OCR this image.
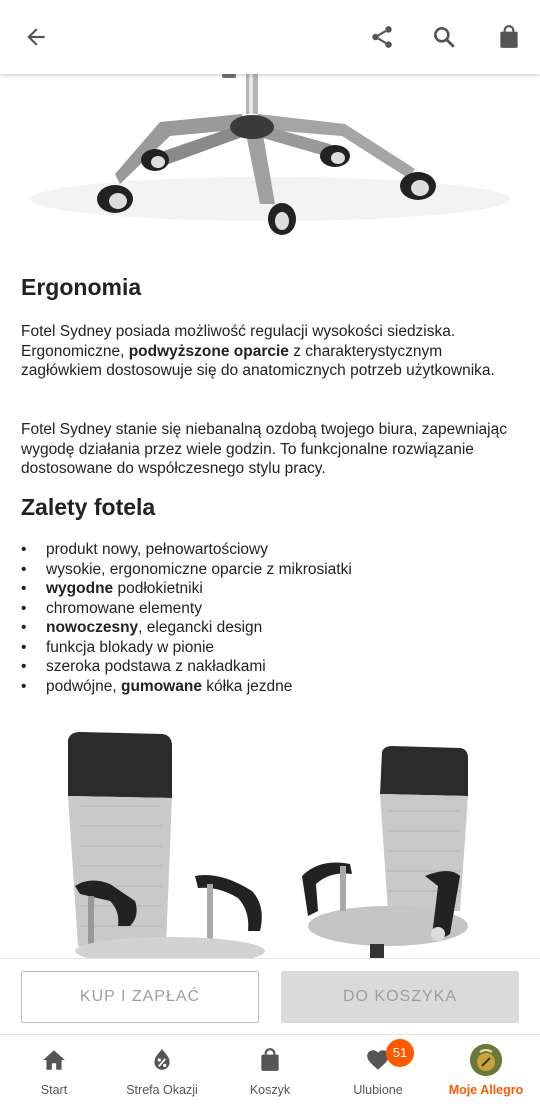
Ergonomia
Fotel Sydney posiada możliwość regulacji wysokości siedziska. Ergonomiczne, podwyższone oparcie z charakterystycznym zagłówkiem dostosowuje się do anatomicznych potrzeb użytkownika.
Fotel Sydney stanie się niebanalną ozdobą twojego biura, zapewniając wygodę działania przez wiele godzin. To funkcjonalne rozwiązanie dostosowane do współczesnego stylu pracy.
Zalety fotela
• produkt nowy, pełnowartościowy
• wysokie, ergonomiczne oparcie z mikrosiatki
• wygodne podłokietniki
• chromowane elementy
• nowoczesny, elegancki design
• funkcja blokady w pionie
• szeroka podstawa z nakładkami
• podwójne, gumowane kółka jezdne
KUP I ZAPŁAĆ	DO KOSZYKA
Start	Strefa Okazji	Koszyk
51
Ulubione	Moje Allegro
